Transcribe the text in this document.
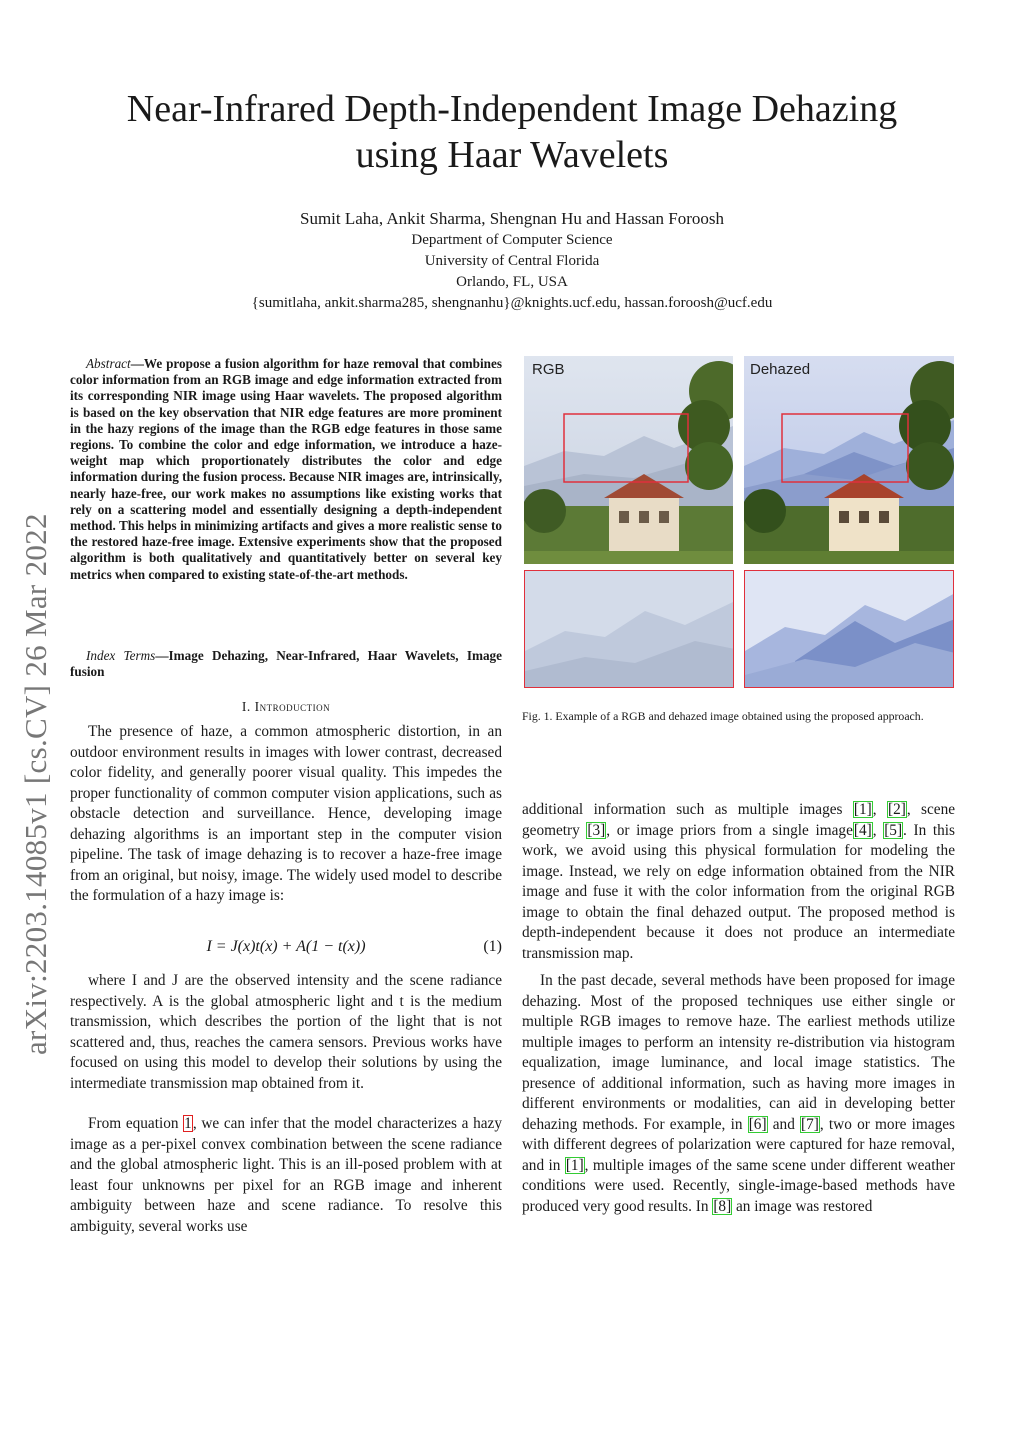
arXiv:2203.14085v1 [cs.CV] 26 Mar 2022
Near-Infrared Depth-Independent Image Dehazing
using Haar Wavelets
Sumit Laha, Ankit Sharma, Shengnan Hu and Hassan Foroosh
Department of Computer Science
University of Central Florida
Orlando, FL, USA
{sumitlaha, ankit.sharma285, shengnanhu}@knights.ucf.edu, hassan.foroosh@ucf.edu

Abstract—We propose a fusion algorithm for haze removal that combines color information from an RGB image and edge information extracted from its corresponding NIR image using Haar wavelets. The proposed algorithm is based on the key observation that NIR edge features are more prominent in the hazy regions of the image than the RGB edge features in those same regions. To combine the color and edge information, we introduce a haze-weight map which proportionately distributes the color and edge information during the fusion process. Because NIR images are, intrinsically, nearly haze-free, our work makes no assumptions like existing works that rely on a scattering model and essentially designing a depth-independent method. This helps in minimizing artifacts and gives a more realistic sense to the restored haze-free image. Extensive experiments show that the proposed algorithm is both qualitatively and quantitatively better on several key metrics when compared to existing state-of-the-art methods.

Index Terms—Image Dehazing, Near-Infrared, Haar Wavelets, Image fusion

I. Introduction

The presence of haze, a common atmospheric distortion, in an outdoor environment results in images with lower contrast, decreased color fidelity, and generally poorer visual quality. This impedes the proper functionality of common computer vision applications, such as obstacle detection and surveillance. Hence, developing image dehazing algorithms is an important step in the computer vision pipeline. The task of image dehazing is to recover a haze-free image from an original, but noisy, image. The widely used model to describe the formulation of a hazy image is:

I = J(x)t(x) + A(1 − t(x))	(1)

where I and J are the observed intensity and the scene radiance respectively. A is the global atmospheric light and t is the medium transmission, which describes the portion of the light that is not scattered and, thus, reaches the camera sensors. Previous works have focused on using this model to develop their solutions by using the intermediate transmission map obtained from it.

From equation 1, we can infer that the model characterizes a hazy image as a per-pixel convex combination between the scene radiance and the global atmospheric light. This is an ill-posed problem with at least four unknowns per pixel for an RGB image and inherent ambiguity between haze and scene radiance. To resolve this ambiguity, several works use

RGB	Dehazed
Fig. 1. Example of a RGB and dehazed image obtained using the proposed approach.

additional information such as multiple images [1], [2], scene geometry [3], or image priors from a single image[4], [5]. In this work, we avoid using this physical formulation for modeling the image. Instead, we rely on edge information obtained from the NIR image and fuse it with the color information from the original RGB image to obtain the final dehazed output. The proposed method is depth-independent because it does not produce an intermediate transmission map.

In the past decade, several methods have been proposed for image dehazing. Most of the proposed techniques use either single or multiple RGB images to remove haze. The earliest methods utilize multiple images to perform an intensity re-distribution via histogram equalization, image luminance, and local image statistics. The presence of additional information, such as having more images in different environments or modalities, can aid in developing better dehazing methods. For example, in [6] and [7], two or more images with different degrees of polarization were captured for haze removal, and in [1], multiple images of the same scene under different weather conditions were used. Recently, single-image-based methods have produced very good results. In [8] an image was restored
